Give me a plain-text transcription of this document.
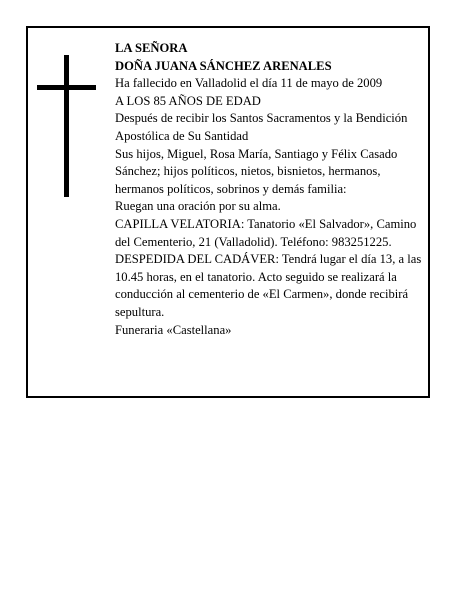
LA SEÑORA

DOÑA JUANA SÁNCHEZ ARENALES

Ha fallecido en Valladolid el día 11 de mayo de 2009

A LOS 85 AÑOS DE EDAD

Después de recibir los Santos Sacramentos y la Bendición Apostólica de Su Santidad

Sus hijos, Miguel, Rosa María, Santiago y Félix Casado Sánchez; hijos políticos, nietos, bisnietos, hermanos, hermanos políticos, sobrinos y demás familia:

Ruegan una oración por su alma.

CAPILLA VELATORIA: Tanatorio «El Salvador», Camino del Cementerio, 21 (Valladolid). Teléfono: 983251225.

DESPEDIDA DEL CADÁVER: Tendrá lugar el día 13, a las 10.45 horas, en el tanatorio. Acto seguido se realizará la conducción al cementerio de «El Carmen», donde recibirá sepultura.

Funeraria «Castellana»
